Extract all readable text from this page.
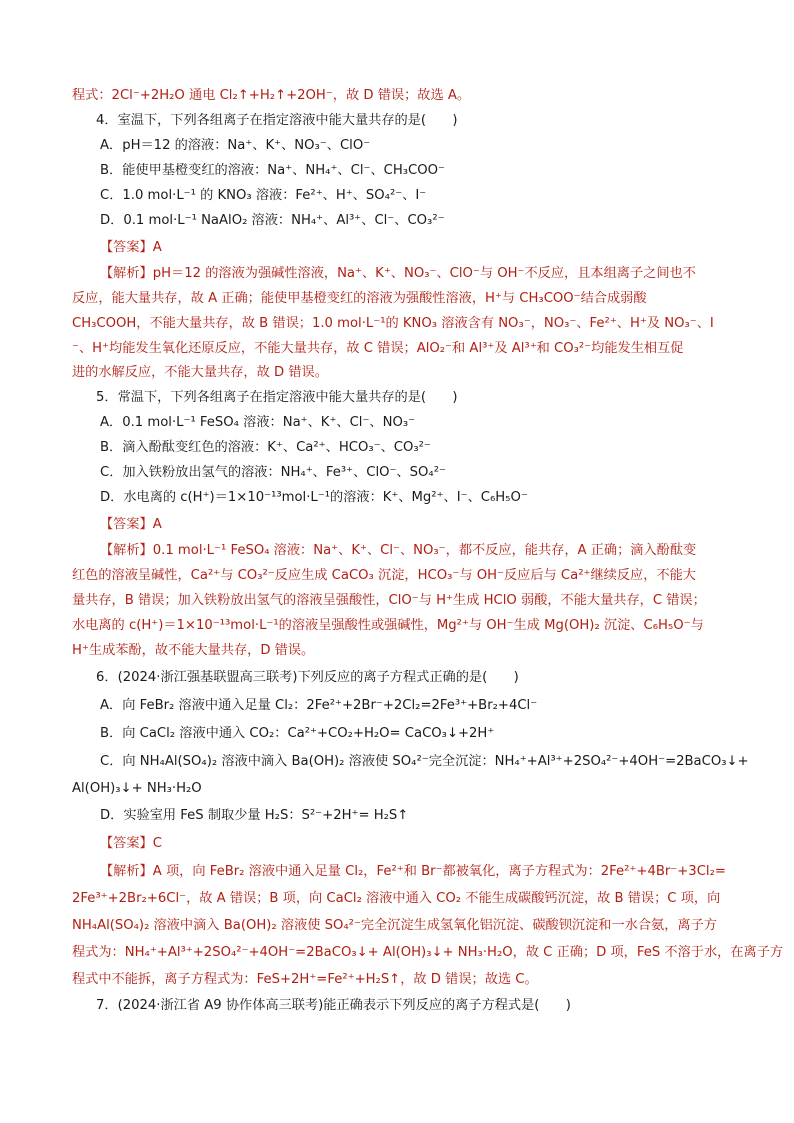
程式：2Cl⁻+2H₂O 通电 Cl₂↑+H₂↑+2OH⁻，故 D 错误；故选 A。
4．室温下，下列各组离子在指定溶液中能大量共存的是(　　)
A．pH＝12 的溶液：Na⁺、K⁺、NO₃⁻、ClO⁻
B．能使甲基橙变红的溶液：Na⁺、NH₄⁺、Cl⁻、CH₃COO⁻
C．1.0 mol·L⁻¹ 的 KNO₃ 溶液：Fe²⁺、H⁺、SO₄²⁻、I⁻
D．0.1 mol·L⁻¹ NaAlO₂ 溶液：NH₄⁺、Al³⁺、Cl⁻、CO₃²⁻
【答案】A
【解析】pH＝12 的溶液为强碱性溶液，Na⁺、K⁺、NO₃⁻、ClO⁻与 OH⁻不反应，且本组离子之间也不
反应，能大量共存，故 A 正确；能使甲基橙变红的溶液为强酸性溶液，H⁺与 CH₃COO⁻结合成弱酸
CH₃COOH，不能大量共存，故 B 错误；1.0 mol·L⁻¹的 KNO₃ 溶液含有 NO₃⁻，NO₃⁻、Fe²⁺、H⁺及 NO₃⁻、I
⁻、H⁺均能发生氧化还原反应，不能大量共存，故 C 错误；AlO₂⁻和 Al³⁺及 Al³⁺和 CO₃²⁻均能发生相互促
进的水解反应，不能大量共存，故 D 错误。
5．常温下，下列各组离子在指定溶液中能大量共存的是(　　)
A．0.1 mol·L⁻¹ FeSO₄ 溶液：Na⁺、K⁺、Cl⁻、NO₃⁻
B．滴入酚酞变红色的溶液：K⁺、Ca²⁺、HCO₃⁻、CO₃²⁻
C．加入铁粉放出氢气的溶液：NH₄⁺、Fe³⁺、ClO⁻、SO₄²⁻
D．水电离的 c(H⁺)＝1×10⁻¹³mol·L⁻¹的溶液：K⁺、Mg²⁺、I⁻、C₆H₅O⁻
【答案】A
【解析】0.1 mol·L⁻¹ FeSO₄ 溶液：Na⁺、K⁺、Cl⁻、NO₃⁻，都不反应，能共存，A 正确；滴入酚酞变
红色的溶液呈碱性，Ca²⁺与 CO₃²⁻反应生成 CaCO₃ 沉淀，HCO₃⁻与 OH⁻反应后与 Ca²⁺继续反应，不能大
量共存，B 错误；加入铁粉放出氢气的溶液呈强酸性，ClO⁻与 H⁺生成 HClO 弱酸，不能大量共存，C 错误；
水电离的 c(H⁺)＝1×10⁻¹³mol·L⁻¹的溶液呈强酸性或强碱性，Mg²⁺与 OH⁻生成 Mg(OH)₂ 沉淀、C₆H₅O⁻与
H⁺生成苯酚，故不能大量共存，D 错误。
6．(2024·浙江强基联盟高三联考)下列反应的离子方程式正确的是(　　)
A．向 FeBr₂ 溶液中通入足量 Cl₂：2Fe²⁺+2Br⁻+2Cl₂=2Fe³⁺+Br₂+4Cl⁻
B．向 CaCl₂ 溶液中通入 CO₂：Ca²⁺+CO₂+H₂O= CaCO₃↓+2H⁺
C．向 NH₄Al(SO₄)₂ 溶液中滴入 Ba(OH)₂ 溶液使 SO₄²⁻完全沉淀：NH₄⁺+Al³⁺+2SO₄²⁻+4OH⁻=2BaCO₃↓+
Al(OH)₃↓+ NH₃·H₂O
D．实验室用 FeS 制取少量 H₂S：S²⁻+2H⁺= H₂S↑
【答案】C
【解析】A 项，向 FeBr₂ 溶液中通入足量 Cl₂，Fe²⁺和 Br⁻都被氧化，离子方程式为：2Fe²⁺+4Br⁻+3Cl₂=
2Fe³⁺+2Br₂+6Cl⁻，故 A 错误；B 项，向 CaCl₂ 溶液中通入 CO₂ 不能生成碳酸钙沉淀，故 B 错误；C 项，向
NH₄Al(SO₄)₂ 溶液中滴入 Ba(OH)₂ 溶液使 SO₄²⁻完全沉淀生成氢氧化铝沉淀、碳酸钡沉淀和一水合氨，离子方
程式为：NH₄⁺+Al³⁺+2SO₄²⁻+4OH⁻=2BaCO₃↓+ Al(OH)₃↓+ NH₃·H₂O，故 C 正确；D 项，FeS 不溶于水，在离子方
程式中不能拆，离子方程式为：FeS+2H⁺=Fe²⁺+H₂S↑，故 D 错误；故选 C。
7．(2024·浙江省 A9 协作体高三联考)能正确表示下列反应的离子方程式是(　　)
